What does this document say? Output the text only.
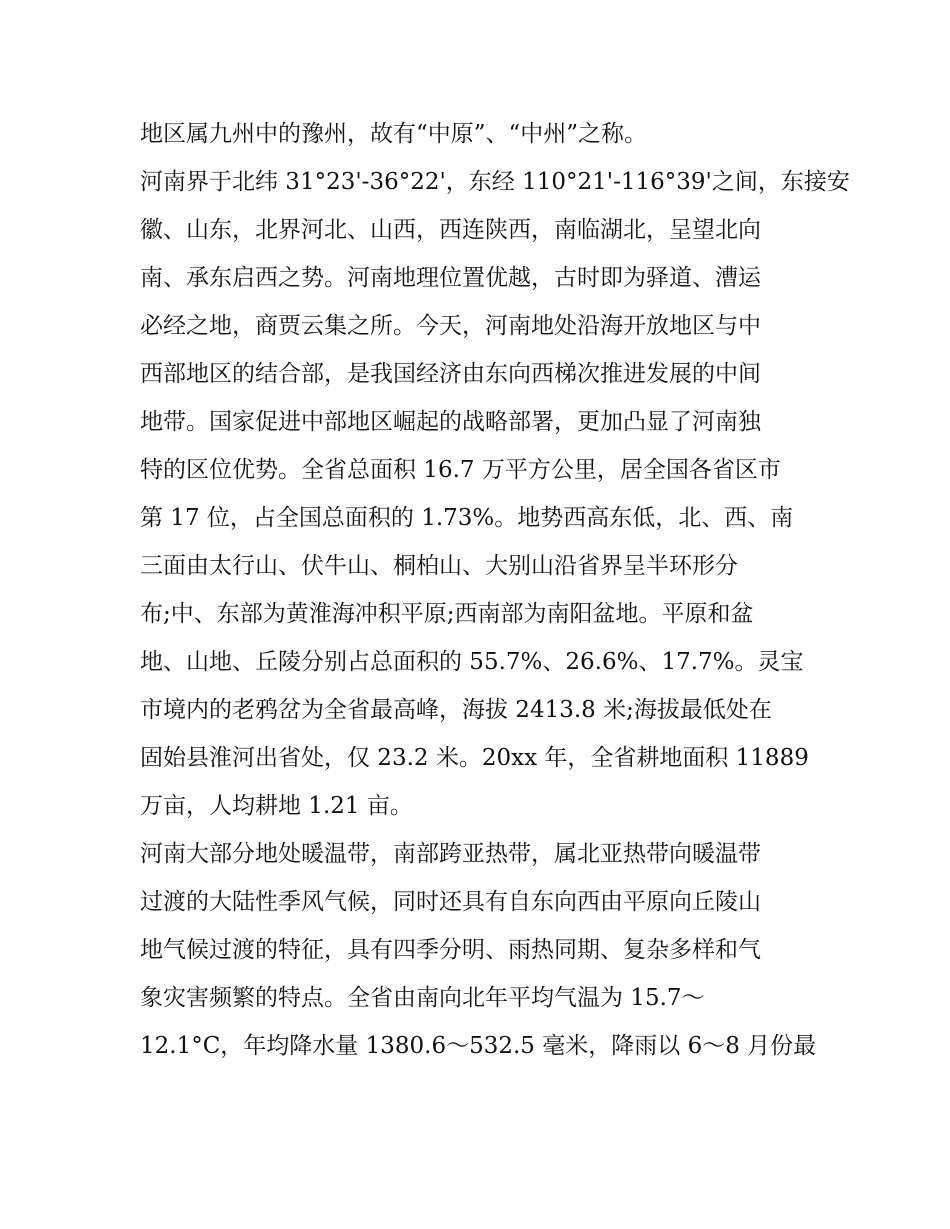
地区属九州中的豫州，故有“中原”、“中州”之称。
河南界于北纬 31°23'-36°22'，东经 110°21'-116°39'之间，东接安
徽、山东，北界河北、山西，西连陕西，南临湖北，呈望北向
南、承东启西之势。河南地理位置优越，古时即为驿道、漕运
必经之地，商贾云集之所。今天，河南地处沿海开放地区与中
西部地区的结合部，是我国经济由东向西梯次推进发展的中间
地带。国家促进中部地区崛起的战略部署，更加凸显了河南独
特的区位优势。全省总面积 16.7 万平方公里，居全国各省区市
第 17 位，占全国总面积的 1.73%。地势西高东低，北、西、南
三面由太行山、伏牛山、桐柏山、大别山沿省界呈半环形分
布;中、东部为黄淮海冲积平原;西南部为南阳盆地。平原和盆
地、山地、丘陵分别占总面积的 55.7%、26.6%、17.7%。灵宝
市境内的老鸦岔为全省最高峰，海拔 2413.8 米;海拔最低处在
固始县淮河出省处，仅 23.2 米。20xx 年，全省耕地面积 11889
万亩，人均耕地 1.21 亩。
河南大部分地处暖温带，南部跨亚热带，属北亚热带向暖温带
过渡的大陆性季风气候，同时还具有自东向西由平原向丘陵山
地气候过渡的特征，具有四季分明、雨热同期、复杂多样和气
象灾害频繁的特点。全省由南向北年平均气温为 15.7～
12.1°C，年均降水量 1380.6～532.5 毫米，降雨以 6～8 月份最
